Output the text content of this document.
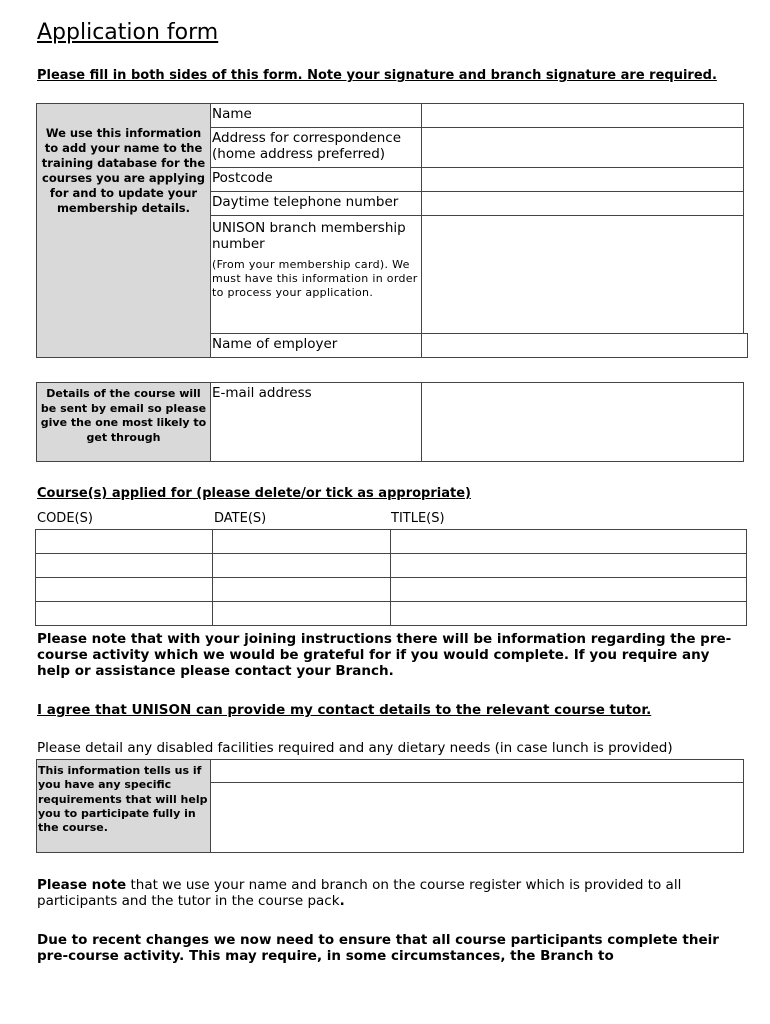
Application form
Please fill in both sides of this form. Note your signature and branch signature are required.
We use this information to add your name to the training database for the courses you are applying for and to update your membership details.
Name
Address for correspondence (home address preferred)
Postcode
Daytime telephone number
UNISON branch membership number
(From your membership card). We must have this information in order to process your application.
Name of employer
Details of the course will be sent by email so please give the one most likely to get through
E-mail address
Course(s) applied for (please delete/or tick as appropriate)
CODE(S)	DATE(S)	TITLE(S)
Please note that with your joining instructions there will be information regarding the pre-course activity which we would be grateful for if you would complete. If you require any help or assistance please contact your Branch.
I agree that UNISON can provide my contact details to the relevant course tutor.
Please detail any disabled facilities required and any dietary needs (in case lunch is provided)
This information tells us if you have any specific requirements that will help you to participate fully in the course.
Please note that we use your name and branch on the course register which is provided to all participants and the tutor in the course pack.
Due to recent changes we now need to ensure that all course participants complete their pre-course activity. This may require, in some circumstances, the Branch to
